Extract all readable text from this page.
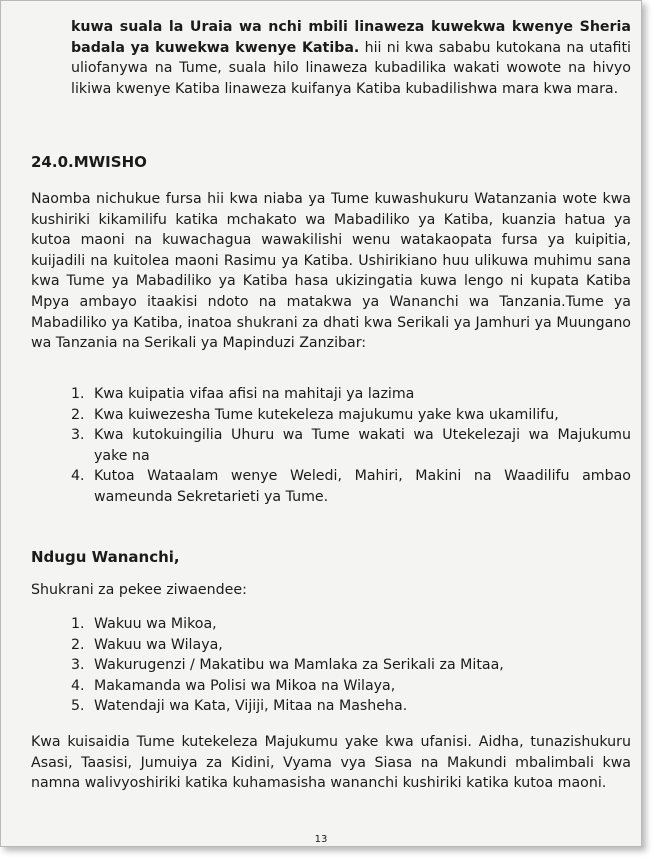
kuwa suala la Uraia wa nchi mbili linaweza kuwekwa kwenye Sheria badala ya kuwekwa kwenye Katiba. hii ni kwa sababu kutokana na utafiti uliofanywa na Tume, suala hilo linaweza kubadilika wakati wowote na hivyo likiwa kwenye Katiba linaweza kuifanya Katiba kubadilishwa mara kwa mara.

24.0.MWISHO

Naomba nichukue fursa hii kwa niaba ya Tume kuwashukuru Watanzania wote kwa kushiriki kikamilifu katika mchakato wa Mabadiliko ya Katiba, kuanzia hatua ya kutoa maoni na kuwachagua wawakilishi wenu watakaopata fursa ya kuipitia, kuijadili na kuitolea maoni Rasimu ya Katiba. Ushirikiano huu ulikuwa muhimu sana kwa Tume ya Mabadiliko ya Katiba hasa ukizingatia kuwa lengo ni kupata Katiba Mpya ambayo itaakisi ndoto na matakwa ya Wananchi wa Tanzania.Tume ya Mabadiliko ya Katiba, inatoa shukrani za dhati kwa Serikali ya Jamhuri ya Muungano wa Tanzania na Serikali ya Mapinduzi Zanzibar:

1. Kwa kuipatia vifaa afisi na mahitaji ya lazima
2. Kwa kuiwezesha Tume kutekeleza majukumu yake kwa ukamilifu,
3. Kwa kutokuingilia Uhuru wa Tume wakati wa Utekelezaji wa Majukumu yake na
4. Kutoa Wataalam wenye Weledi, Mahiri, Makini na Waadilifu ambao wameunda Sekretarieti ya Tume.
Ndugu Wananchi,
Shukrani za pekee ziwaendee:
1. Wakuu wa Mikoa,
2. Wakuu wa Wilaya,
3. Wakurugenzi / Makatibu wa Mamlaka za Serikali za Mitaa,
4. Makamanda wa Polisi wa Mikoa na Wilaya,
5. Watendaji wa Kata, Vijiji, Mitaa na Masheha.

Kwa kuisaidia Tume kutekeleza Majukumu yake kwa ufanisi. Aidha, tunazishukuru Asasi, Taasisi, Jumuiya za Kidini, Vyama vya Siasa na Makundi mbalimbali kwa namna walivyoshiriki katika kuhamasisha wananchi kushiriki katika kutoa maoni.

13
